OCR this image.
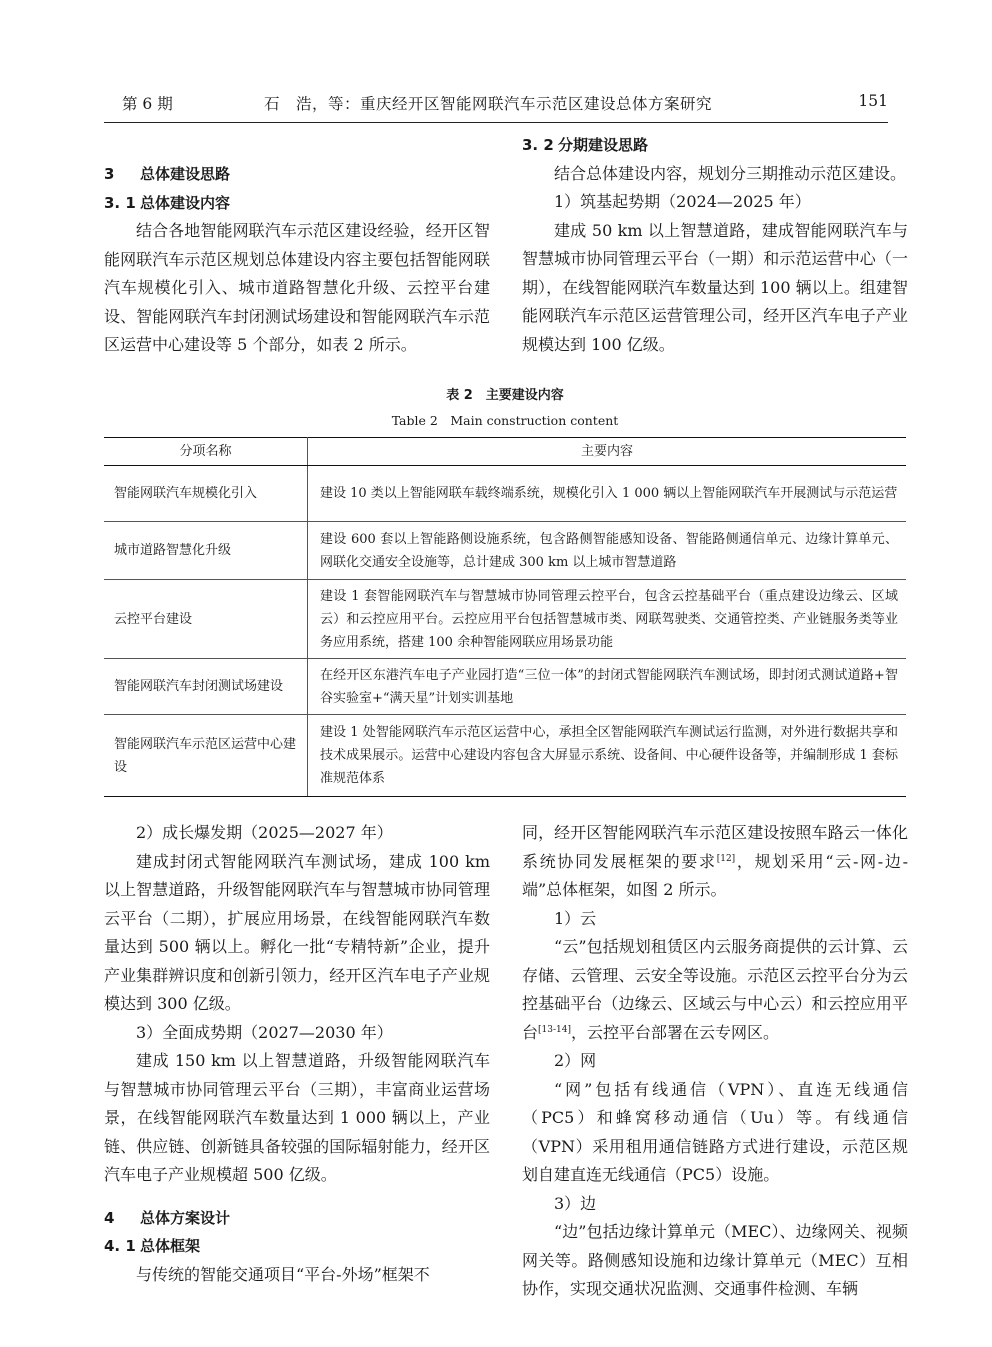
第 6 期	石　浩，等：重庆经开区智能网联汽车示范区建设总体方案研究	151

3 总体建设思路

3. 1 总体建设内容

结合各地智能网联汽车示范区建设经验，经开区智能网联汽车示范区规划总体建设内容主要包括智能网联汽车规模化引入、城市道路智慧化升级、云控平台建设、智能网联汽车封闭测试场建设和智能网联汽车示范区运营中心建设等 5 个部分，如表 2 所示。

3. 2 分期建设思路

结合总体建设内容，规划分三期推动示范区建设。

1）筑基起势期（2024—2025 年）

建成 50 km 以上智慧道路，建成智能网联汽车与智慧城市协同管理云平台（一期）和示范运营中心（一期），在线智能网联汽车数量达到 100 辆以上。组建智能网联汽车示范区运营管理公司，经开区汽车电子产业规模达到 100 亿级。

表 2　主要建设内容
Table 2　Main construction content
分项名称	主要内容
智能网联汽车规模化引入	建设 10 类以上智能网联车载终端系统，规模化引入 1 000 辆以上智能网联汽车开展测试与示范运营
城市道路智慧化升级	建设 600 套以上智能路侧设施系统，包含路侧智能感知设备、智能路侧通信单元、边缘计算单元、网联化交通安全设施等，总计建成 300 km 以上城市智慧道路
云控平台建设	建设 1 套智能网联汽车与智慧城市协同管理云控平台，包含云控基础平台（重点建设边缘云、区域云）和云控应用平台。云控应用平台包括智慧城市类、网联驾驶类、交通管控类、产业链服务类等业务应用系统，搭建 100 余种智能网联应用场景功能
智能网联汽车封闭测试场建设	在经开区东港汽车电子产业园打造“三位一体”的封闭式智能网联汽车测试场，即封闭式测试道路+智谷实验室+“满天星”计划实训基地
智能网联汽车示范区运营中心建设	建设 1 处智能网联汽车示范区运营中心，承担全区智能网联汽车测试运行监测，对外进行数据共享和技术成果展示。运营中心建设内容包含大屏显示系统、设备间、中心硬件设备等，并编制形成 1 套标准规范体系

2）成长爆发期（2025—2027 年）

建成封闭式智能网联汽车测试场，建成 100 km 以上智慧道路，升级智能网联汽车与智慧城市协同管理云平台（二期），扩展应用场景，在线智能网联汽车数量达到 500 辆以上。孵化一批“专精特新”企业，提升产业集群辨识度和创新引领力，经开区汽车电子产业规模达到 300 亿级。

3）全面成势期（2027—2030 年）

建成 150 km 以上智慧道路，升级智能网联汽车与智慧城市协同管理云平台（三期），丰富商业运营场景，在线智能网联汽车数量达到 1 000 辆以上，产业链、供应链、创新链具备较强的国际辐射能力，经开区汽车电子产业规模超 500 亿级。

4 总体方案设计

4. 1 总体框架

与传统的智能交通项目“平台-外场”框架不

同，经开区智能网联汽车示范区建设按照车路云一体化系统协同发展框架的要求[12]，规划采用“云-网-边-端”总体框架，如图 2 所示。

1）云

“云”包括规划租赁区内云服务商提供的云计算、云存储、云管理、云安全等设施。示范区云控平台分为云控基础平台（边缘云、区域云与中心云）和云控应用平台[13-14]，云控平台部署在云专网区。

2）网

“网”包括有线通信（VPN）、直连无线通信（PC5）和蜂窝移动通信（Uu）等。有线通信（VPN）采用租用通信链路方式进行建设，示范区规划自建直连无线通信（PC5）设施。

3）边

“边”包括边缘计算单元（MEC）、边缘网关、视频网关等。路侧感知设施和边缘计算单元（MEC）互相协作，实现交通状况监测、交通事件检测、车辆
